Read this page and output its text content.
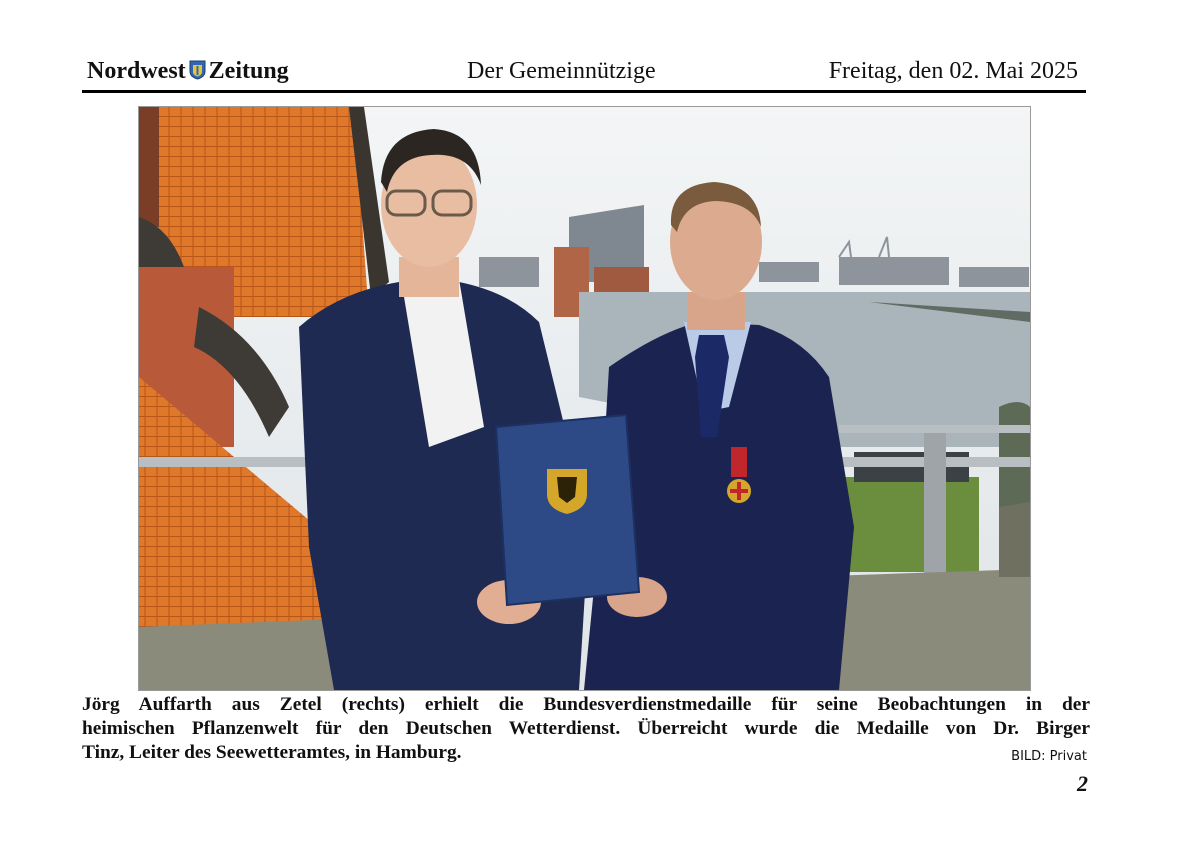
Nordwest Zeitung	Der Gemeinnützige	Freitag, den 02. Mai 2025
Jörg Auffarth aus Zetel (rechts) erhielt die Bundesverdienstmedaille für seine Beobachtungen in der
heimischen Pflanzenwelt für den Deutschen Wetterdienst. Überreicht wurde die Medaille von Dr. Birger
Tinz, Leiter des Seewetteramtes, in Hamburg.	BILD: Privat
2
